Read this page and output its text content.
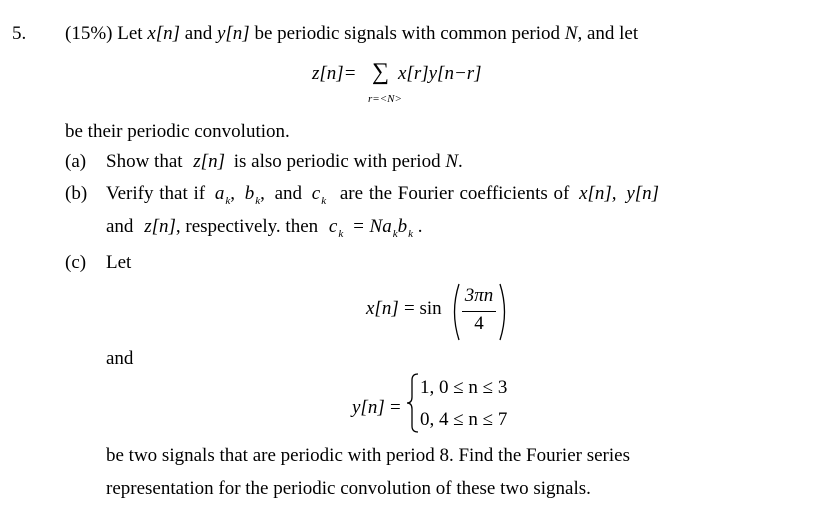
5. (15%) Let x[n] and y[n] be periodic signals with common period N, and let
z[n]= ∑ x[r]y[n−r]
r=<N>
be their periodic convolution.
(a) Show that z[n] is also periodic with period N.
(b) Verify that if $a_k$, $b_k$, and $c_k$ are the Fourier coefficients of x[n], y[n]
and z[n], respectively. then $c_k = Na_kb_k$ .
(c) Let
x[n] = sin
3πn
4
and
y[n] =
1, 0 ≤ n ≤ 3
0, 4 ≤ n ≤ 7
be two signals that are periodic with period 8. Find the Fourier series
representation for the periodic convolution of these two signals.
